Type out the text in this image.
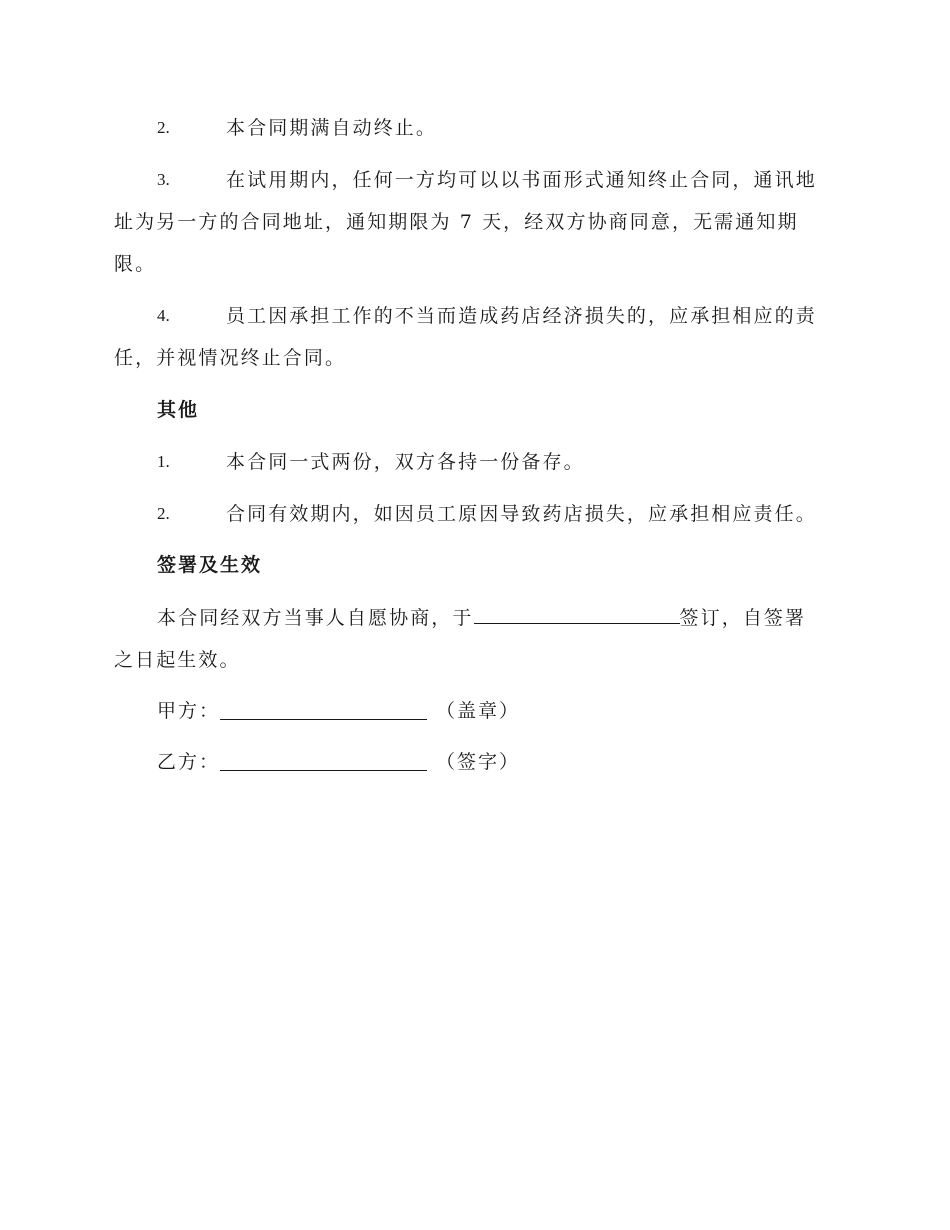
2.	本合同期满自动终止。
3.	在试用期内，任何一方均可以以书面形式通知终止合同，通讯地
址为另一方的合同地址，通知期限为 7 天，经双方协商同意，无需通知期
限。
4.	员工因承担工作的不当而造成药店经济损失的，应承担相应的责
任，并视情况终止合同。
其他
1.	本合同一式两份，双方各持一份备存。
2.	合同有效期内，如因员工原因导致药店损失，应承担相应责任。
签署及生效
本合同经双方当事人自愿协商，于	签订，自签署
之日起生效。
甲方：	（盖章）
乙方：	（签字）
